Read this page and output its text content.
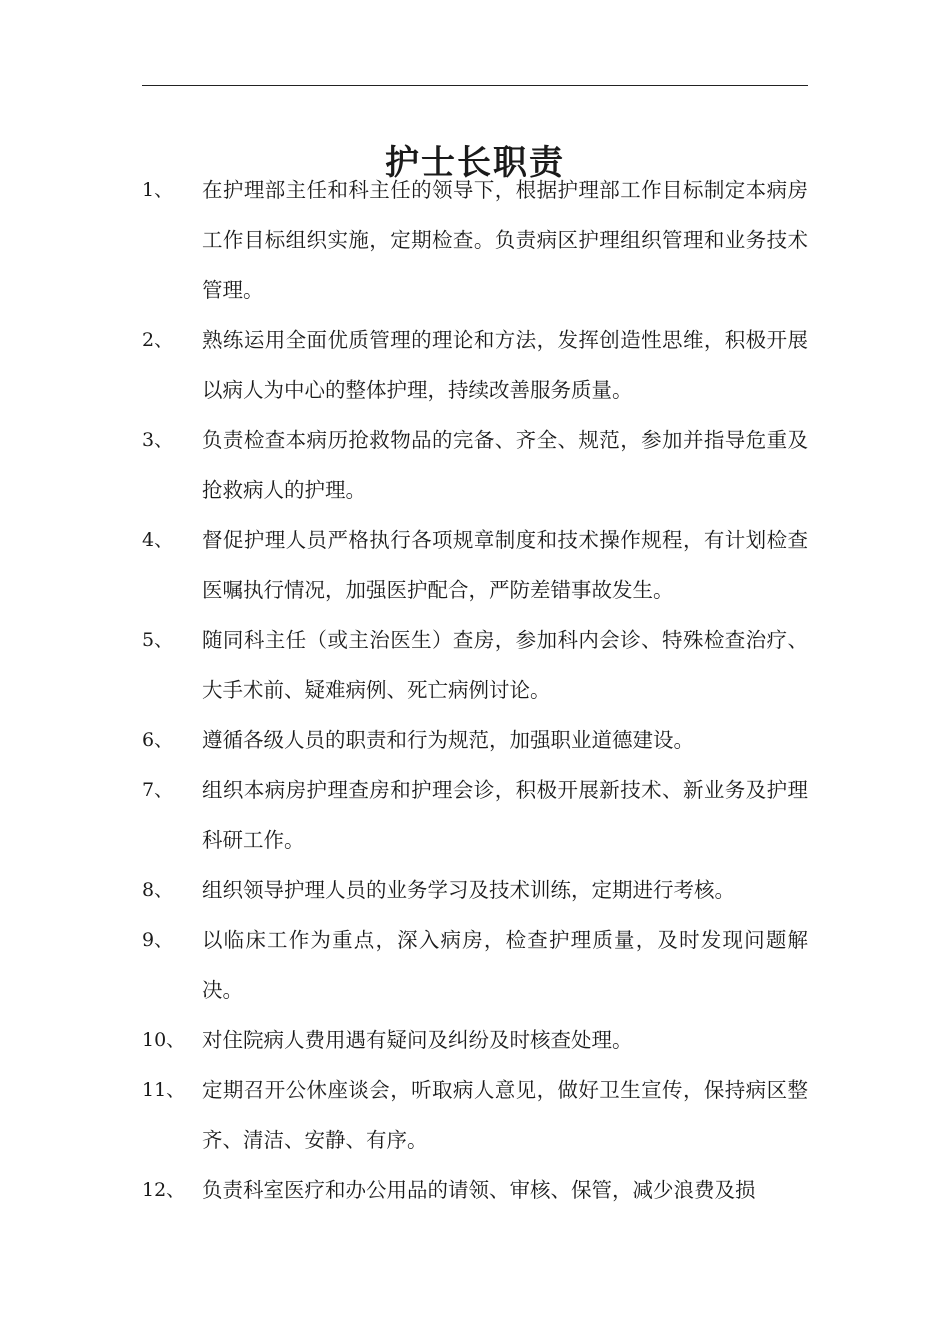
护士长职责
1、 在护理部主任和科主任的领导下，根据护理部工作目标制定本病房工作目标组织实施，定期检查。负责病区护理组织管理和业务技术管理。
2、 熟练运用全面优质管理的理论和方法，发挥创造性思维，积极开展以病人为中心的整体护理，持续改善服务质量。
3、 负责检查本病历抢救物品的完备、齐全、规范，参加并指导危重及抢救病人的护理。
4、 督促护理人员严格执行各项规章制度和技术操作规程，有计划检查医嘱执行情况，加强医护配合，严防差错事故发生。
5、 随同科主任（或主治医生）查房，参加科内会诊、特殊检查治疗、大手术前、疑难病例、死亡病例讨论。
6、 遵循各级人员的职责和行为规范，加强职业道德建设。
7、 组织本病房护理查房和护理会诊，积极开展新技术、新业务及护理科研工作。
8、 组织领导护理人员的业务学习及技术训练，定期进行考核。
9、 以临床工作为重点，深入病房，检查护理质量，及时发现问题解决。
10、 对住院病人费用遇有疑问及纠纷及时核查处理。
11、 定期召开公休座谈会，听取病人意见，做好卫生宣传，保持病区整齐、清洁、安静、有序。
12、 负责科室医疗和办公用品的请领、审核、保管，减少浪费及损
